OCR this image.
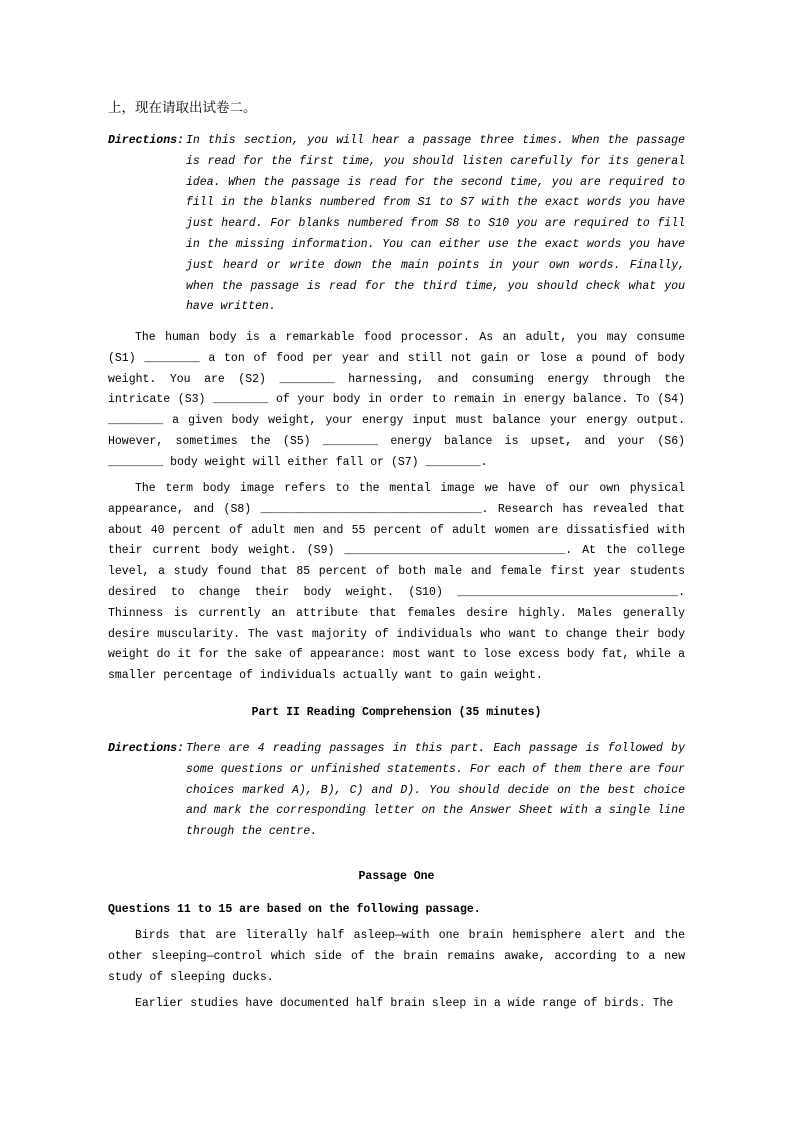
上，现在请取出试卷二。
Directions: In this section, you will hear a passage three times. When the passage is read for the first time, you should listen carefully for its general idea. When the passage is read for the second time, you are required to fill in the blanks numbered from S1 to S7 with the exact words you have just heard. For blanks numbered from S8 to S10 you are required to fill in the missing information. You can either use the exact words you have just heard or write down the main points in your own words. Finally, when the passage is read for the third time, you should check what you have written.

The human body is a remarkable food processor. As an adult, you may consume (S1) ________ a ton of food per year and still not gain or lose a pound of body weight. You are (S2) ________ harnessing, and consuming energy through the intricate (S3) ________ of your body in order to remain in energy balance. To (S4) ________ a given body weight, your energy input must balance your energy output. However, sometimes the (S5) ________ energy balance is upset, and your (S6) ________ body weight will either fall or (S7) ________.

The term body image refers to the mental image we have of our own physical appearance, and (S8) ________________________________. Research has revealed that about 40 percent of adult men and 55 percent of adult women are dissatisfied with their current body weight. (S9) ________________________________. At the college level, a study found that 85 percent of both male and female first year students desired to change their body weight. (S10) ________________________________. Thinness is currently an attribute that females desire highly. Males generally desire muscularity. The vast majority of individuals who want to change their body weight do it for the sake of appearance: most want to lose excess body fat, while a smaller percentage of individuals actually want to gain weight.

Part II Reading Comprehension (35 minutes)
Directions: There are 4 reading passages in this part. Each passage is followed by some questions or unfinished statements. For each of them there are four choices marked A), B), C) and D). You should decide on the best choice and mark the corresponding letter on the Answer Sheet with a single line through the centre.
Passage One
Questions 11 to 15 are based on the following passage.

Birds that are literally half asleep—with one brain hemisphere alert and the other sleeping—control which side of the brain remains awake, according to a new study of sleeping ducks.

Earlier studies have documented half brain sleep in a wide range of birds. The
